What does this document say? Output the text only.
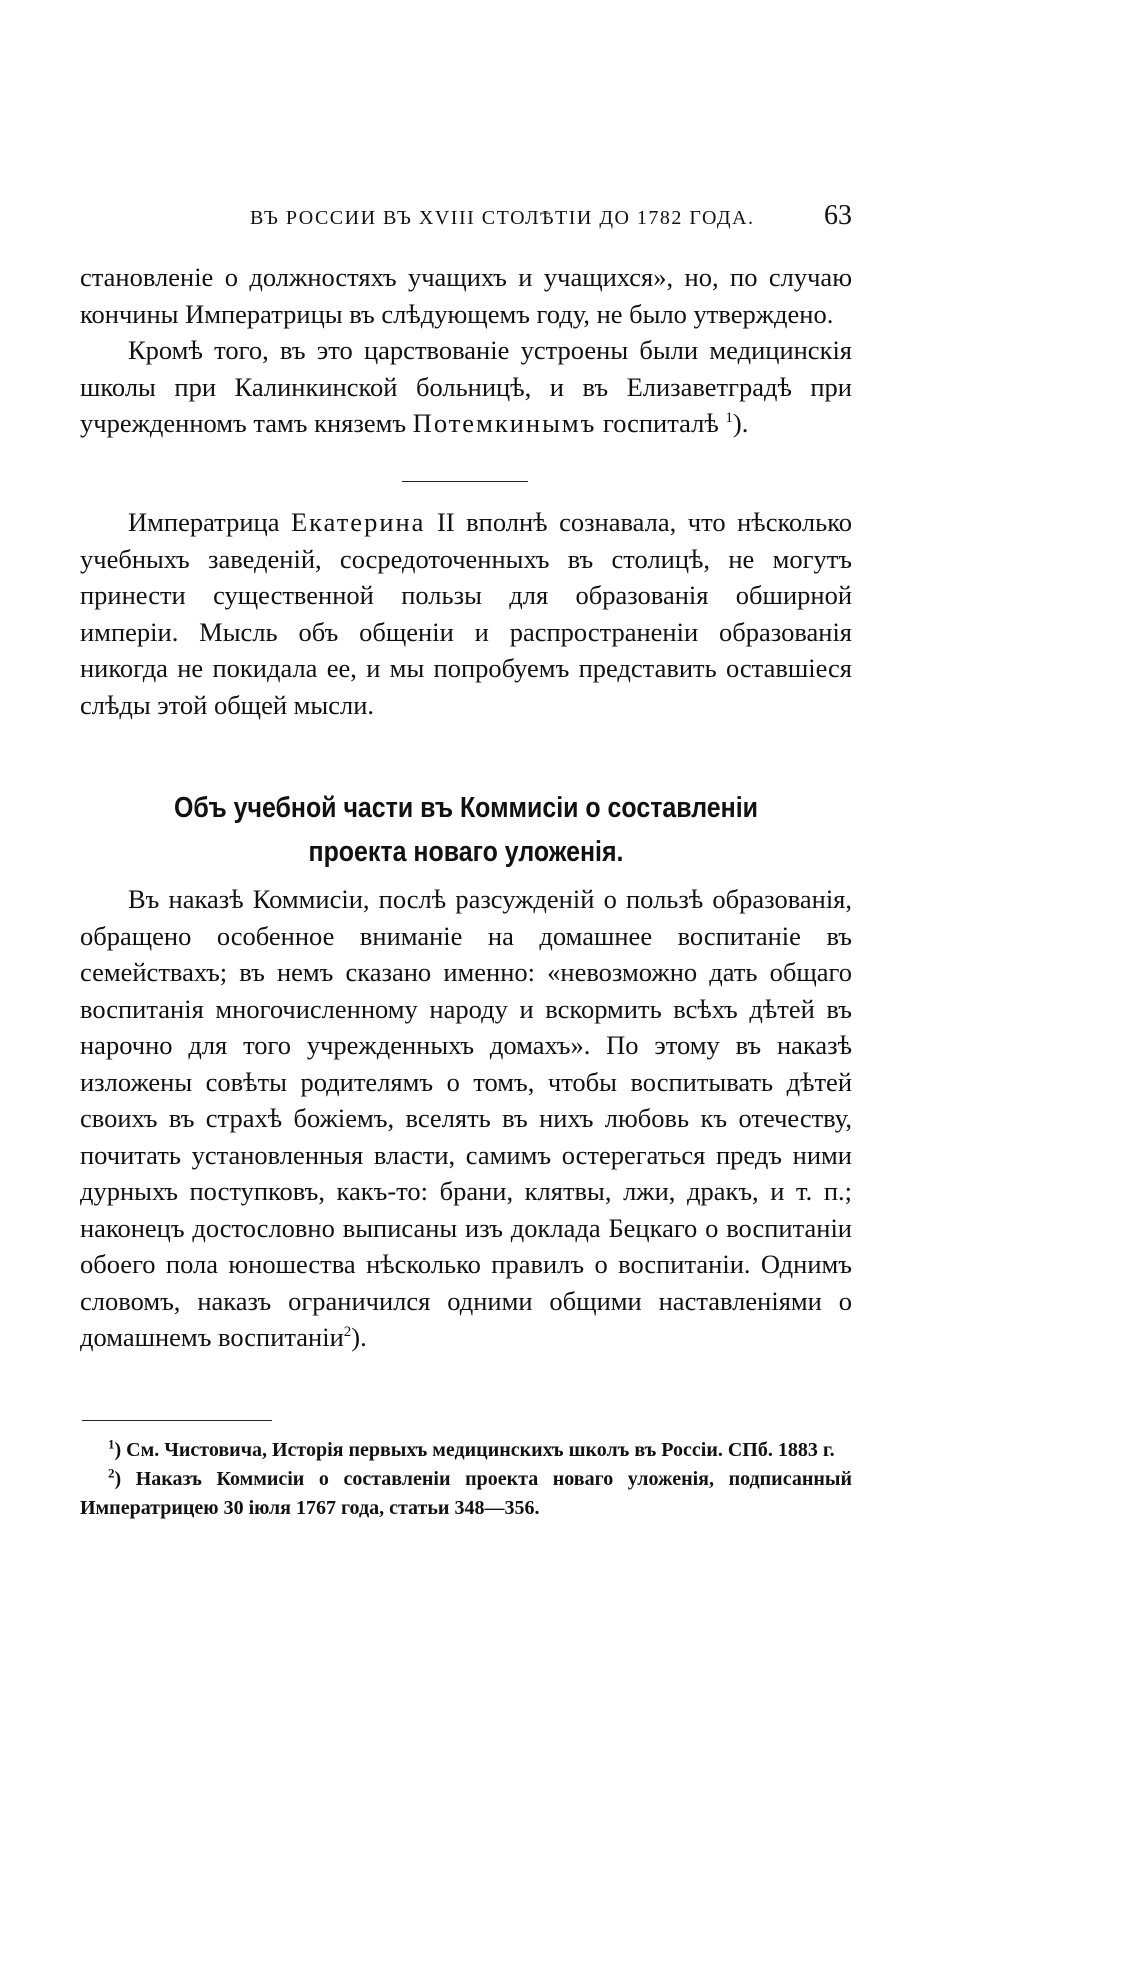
ВЪ РОССИИ ВЪ XVIII СТОЛѢТІИ ДО 1782 ГОДА. 63

становленіе о должностяхъ учащихъ и учащихся», но, по случаю кончины Императрицы въ слѣдующемъ году, не было утверждено.

Кромѣ того, въ это царствованіе устроены были медицинскія школы при Калинкинской больницѣ, и въ Елизаветградѣ при учрежденномъ тамъ княземъ Потемкинымъ госпиталѣ $^1$).

Императрица Екатерина II вполнѣ сознавала, что нѣсколько учебныхъ заведеній, сосредоточенныхъ въ столицѣ, не могутъ принести существенной пользы для образованія обширной имперіи. Мысль объ общеніи и распространеніи образованія никогда не покидала ее, и мы попробуемъ представить оставшіеся слѣды этой общей мысли.

Объ учебной части въ Коммисіи о составленіи проекта новаго уложенія.

Въ наказѣ Коммисіи, послѣ разсужденій о пользѣ образованія, обращено особенное вниманіе на домашнее воспитаніе въ семействахъ; въ немъ сказано именно: «невозможно дать общаго воспитанія многочисленному народу и вскормить всѣхъ дѣтей въ нарочно для того учрежденныхъ домахъ». По этому въ наказѣ изложены совѣты родителямъ о томъ, чтобы воспитывать дѣтей своихъ въ страхѣ божіемъ, вселять въ нихъ любовь къ отечеству, почитать установленныя власти, самимъ остерегаться предъ ними дурныхъ поступковъ, какъ-то: брани, клятвы, лжи, дракъ, и т. п.; наконецъ достословно выписаны изъ доклада Бецкаго о воспитаніи обоего пола юношества нѣсколько правилъ о воспитаніи. Однимъ словомъ, наказъ ограничился одними общими наставленіями о домашнемъ воспитаніи$^2$).

$^1$) См. Чистовича, Исторія первыхъ медицинскихъ школъ въ Россіи. СПб. 1883 г.

$^2$) Наказъ Коммисіи о составленіи проекта новаго уложенія, подписанный Императрицею 30 іюля 1767 года, статьи 348—356.
